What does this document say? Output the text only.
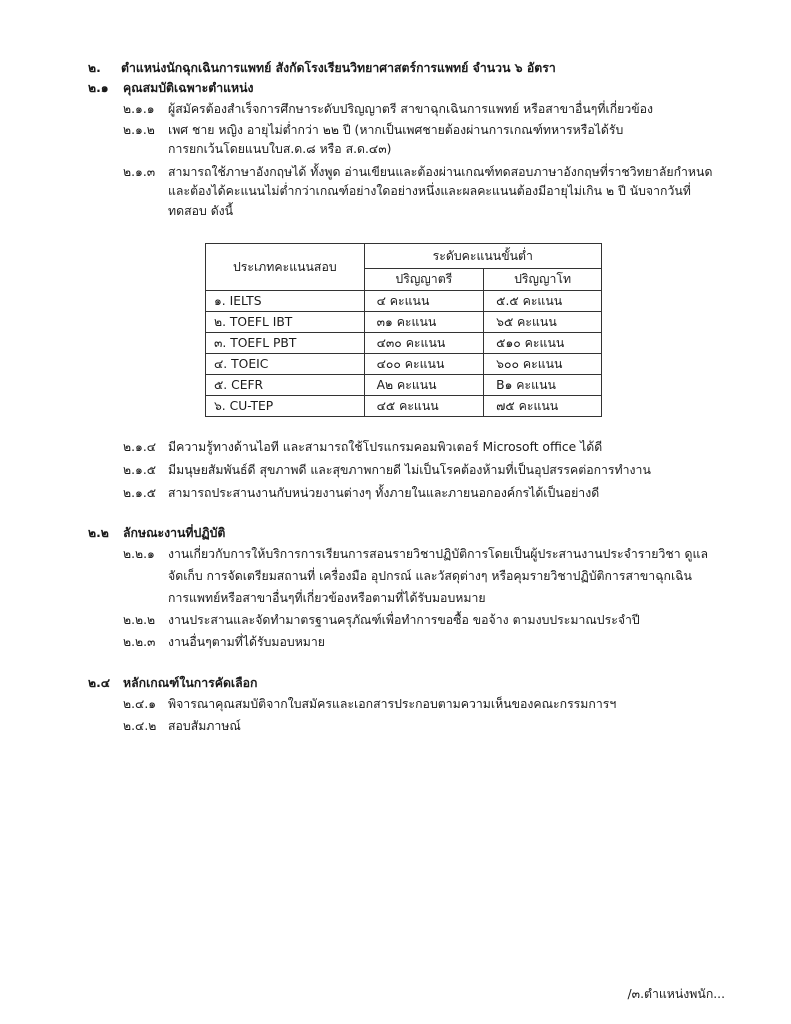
๒. ตำแหน่งนักฉุกเฉินการแพทย์ สังกัดโรงเรียนวิทยาศาสตร์การแพทย์ จำนวน ๖ อัตรา
๒.๑ คุณสมบัติเฉพาะตำแหน่ง
๒.๑.๑ ผู้สมัครต้องสำเร็จการศึกษาระดับปริญญาตรี สาขาฉุกเฉินการแพทย์ หรือสาขาอื่นๆที่เกี่ยวข้อง
๒.๑.๒ เพศ ชาย หญิง อายุไม่ต่ำกว่า ๒๒ ปี (หากเป็นเพศชายต้องผ่านการเกณฑ์ทหารหรือได้รับ
การยกเว้นโดยแนบใบส.ด.๘ หรือ ส.ด.๔๓)
๒.๑.๓ สามารถใช้ภาษาอังกฤษได้ ทั้งพูด อ่านเขียนและต้องผ่านเกณฑ์ทดสอบภาษาอังกฤษที่ราชวิทยาลัยกำหนด
และต้องได้คะแนนไม่ต่ำกว่าเกณฑ์อย่างใดอย่างหนึ่งและผลคะแนนต้องมีอายุไม่เกิน ๒ ปี นับจากวันที่
ทดสอบ ดังนี้
ประเภทคะแนนสอบ	ระดับคะแนนขั้นต่ำ	
	ปริญญาตรี	ปริญญาโท
๑. IELTS	๔ คะแนน	๕.๕ คะแนน
๒. TOEFL IBT	๓๑ คะแนน	๖๕ คะแนน
๓. TOEFL PBT	๔๓๐ คะแนน	๕๑๐ คะแนน
๔. TOEIC	๔๐๐ คะแนน	๖๐๐ คะแนน
๕. CEFR	A๒ คะแนน	B๑ คะแนน
๖. CU-TEP	๔๕ คะแนน	๗๕ คะแนน
๒.๑.๔ มีความรู้ทางด้านไอที และสามารถใช้โปรแกรมคอมพิวเตอร์ Microsoft office ได้ดี
๒.๑.๕ มีมนุษยสัมพันธ์ดี สุขภาพดี และสุขภาพกายดี ไม่เป็นโรคต้องห้ามที่เป็นอุปสรรคต่อการทำงาน
๒.๑.๕ สามารถประสานงานกับหน่วยงานต่างๆ ทั้งภายในและภายนอกองค์กรได้เป็นอย่างดี
๒.๒ ลักษณะงานที่ปฏิบัติ
๒.๒.๑ งานเกี่ยวกับการให้บริการการเรียนการสอนรายวิชาปฏิบัติการโดยเป็นผู้ประสานงานประจำรายวิชา ดูแล
จัดเก็บ การจัดเตรียมสถานที่ เครื่องมือ อุปกรณ์ และวัสดุต่างๆ หรือคุมรายวิชาปฏิบัติการสาขาฉุกเฉิน
การแพทย์หรือสาขาอื่นๆที่เกี่ยวข้องหรือตามที่ได้รับมอบหมาย
๒.๒.๒ งานประสานและจัดทำมาตรฐานครุภัณฑ์เพื่อทำการขอซื้อ ขอจ้าง ตามงบประมาณประจำปี
๒.๒.๓ งานอื่นๆตามที่ได้รับมอบหมาย
๒.๔ หลักเกณฑ์ในการคัดเลือก
๒.๔.๑ พิจารณาคุณสมบัติจากใบสมัครและเอกสารประกอบตามความเห็นของคณะกรรมการฯ
๒.๔.๒ สอบสัมภาษณ์
/๓.ตำแหน่งพนัก...
